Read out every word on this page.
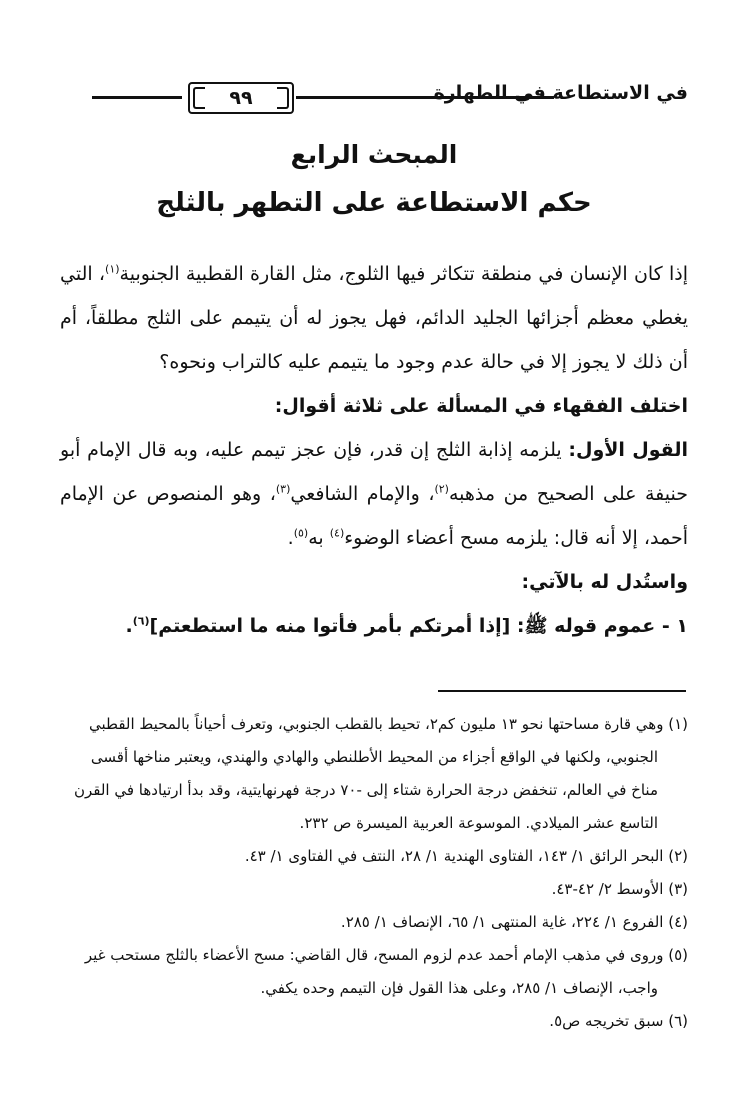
٩٩	في الاستطاعة في الطهارة
المبحث الرابع
حكم الاستطاعة على التطهر بالثلج

إذا كان الإنسان في منطقة تتكاثر فيها الثلوج، مثل القارة القطبية الجنوبية$^{(١)}$، التي يغطي معظم أجزائها الجليد الدائم، فهل يجوز له أن يتيمم على الثلج مطلقاً، أم أن ذلك لا يجوز إلا في حالة عدم وجود ما يتيمم عليه كالتراب ونحوه؟

اختلف الفقهاء في المسألة على ثلاثة أقوال:

القول الأول: يلزمه إذابة الثلج إن قدر، فإن عجز تيمم عليه، وبه قال الإمام أبو حنيفة على الصحيح من مذهبه$^{(٢)}$، والإمام الشافعي$^{(٣)}$، وهو المنصوص عن الإمام أحمد، إلا أنه قال: يلزمه مسح أعضاء الوضوء$^{(٤)}$ به$^{(٥)}$.

واستُدل له بالآتي:

١ - عموم قوله ﷺ: [إذا أمرتكم بأمر فأتوا منه ما استطعتم]$^{(٦)}$.

(١) وهي قارة مساحتها نحو ١٣ مليون كم٢، تحيط بالقطب الجنوبي، وتعرف أحياناً بالمحيط القطبي

الجنوبي، ولكنها في الواقع أجزاء من المحيط الأطلنطي والهادي والهندي، ويعتبر مناخها أقسى

مناخ في العالم، تنخفض درجة الحرارة شتاء إلى -٧٠ درجة فهرنهايتية، وقد بدأ ارتيادها في القرن

التاسع عشر الميلادي. الموسوعة العربية الميسرة ص ٢٣٢.

(٢) البحر الرائق ١/ ١٤٣، الفتاوى الهندية ١/ ٢٨، النتف في الفتاوى ١/ ٤٣.

(٣) الأوسط ٢/ ٤٢-٤٣.

(٤) الفروع ١/ ٢٢٤، غاية المنتهى ١/ ٦٥، الإنصاف ١/ ٢٨٥.

(٥) وروى في مذهب الإمام أحمد عدم لزوم المسح، قال القاضي: مسح الأعضاء بالثلج مستحب غير

واجب، الإنصاف ١/ ٢٨٥، وعلى هذا القول فإن التيمم وحده يكفي.

(٦) سبق تخريجه ص٥.
